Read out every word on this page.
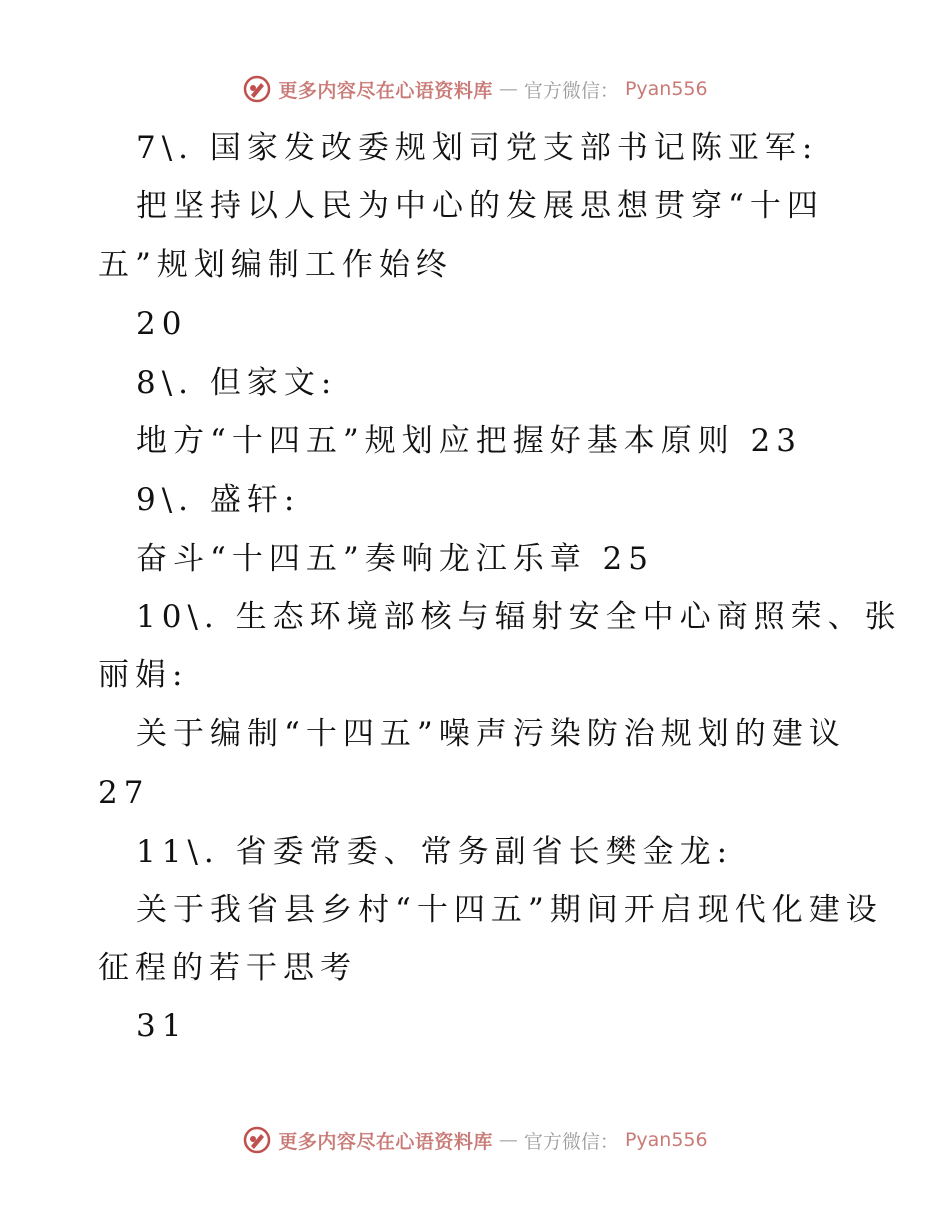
更多内容尽在心语资料库 — 官方微信： Pyan556
7\. 国家发改委规划司党支部书记陈亚军:
把坚持以人民为中心的发展思想贯穿“十四
五”规划编制工作始终
20
8\. 但家文:
地方“十四五”规划应把握好基本原则 23
9\. 盛轩:
奋斗“十四五”奏响龙江乐章 25
10\. 生态环境部核与辐射安全中心商照荣、张
丽娟:
关于编制“十四五”噪声污染防治规划的建议
27
11\. 省委常委、常务副省长樊金龙:
关于我省县乡村“十四五”期间开启现代化建设
征程的若干思考
31
更多内容尽在心语资料库 — 官方微信： Pyan556
